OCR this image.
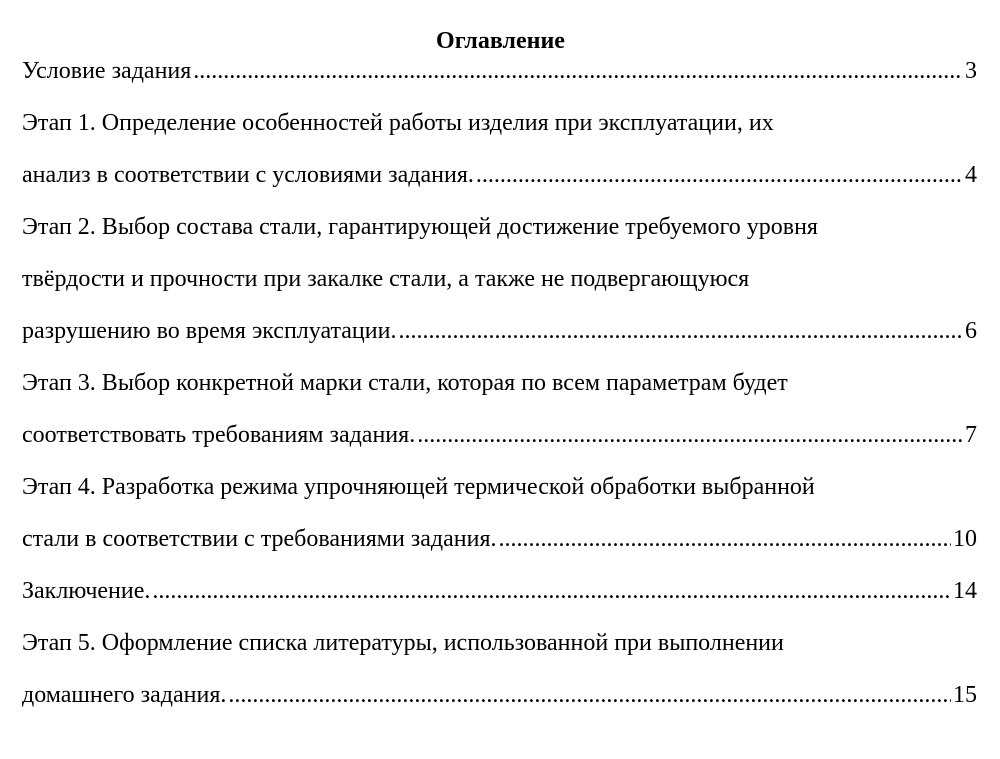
Оглавление
Условие задания .....	3
Этап 1. Определение особенностей работы изделия при эксплуатации, их
анализ в соответствии с условиями задания. .....	4
Этап 2. Выбор состава стали, гарантирующей достижение требуемого уровня
твёрдости и прочности при закалке стали, а также не подвергающуюся
разрушению во время эксплуатации. .....	6
Этап 3. Выбор конкретной марки стали, которая по всем параметрам будет
соответствовать требованиям задания. .....	7
Этап 4. Разработка режима упрочняющей термической обработки выбранной
стали в соответствии с требованиями задания. .....	10
Заключение. .....	14
Этап 5. Оформление списка литературы, использованной при выполнении
домашнего задания. .....	15
